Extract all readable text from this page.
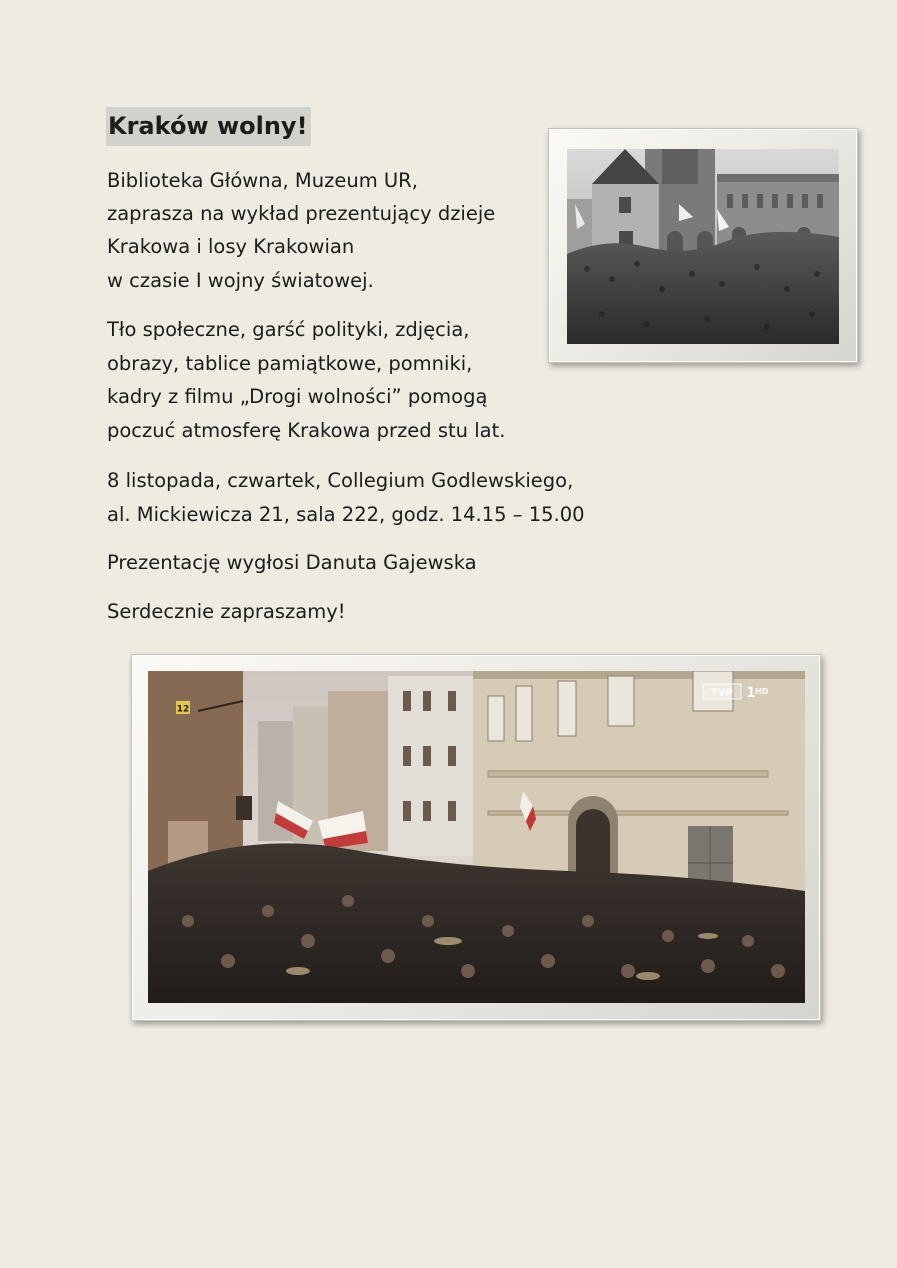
Kraków wolny!

Biblioteka Główna, Muzeum UR,

zaprasza na wykład prezentujący dzieje

Krakowa i losy Krakowian

w czasie I wojny światowej.

Tło społeczne, garść polityki, zdjęcia,

obrazy, tablice pamiątkowe, pomniki,

kadry z filmu „Drogi wolności” pomogą

poczuć atmosferę Krakowa przed stu lat.

8 listopada, czwartek, Collegium Godlewskiego,

al. Mickiewicza 21, sala 222, godz. 14.15 – 15.00

Prezentację wygłosi Danuta Gajewska

Serdecznie zapraszamy!

12
TVP 1 HD
